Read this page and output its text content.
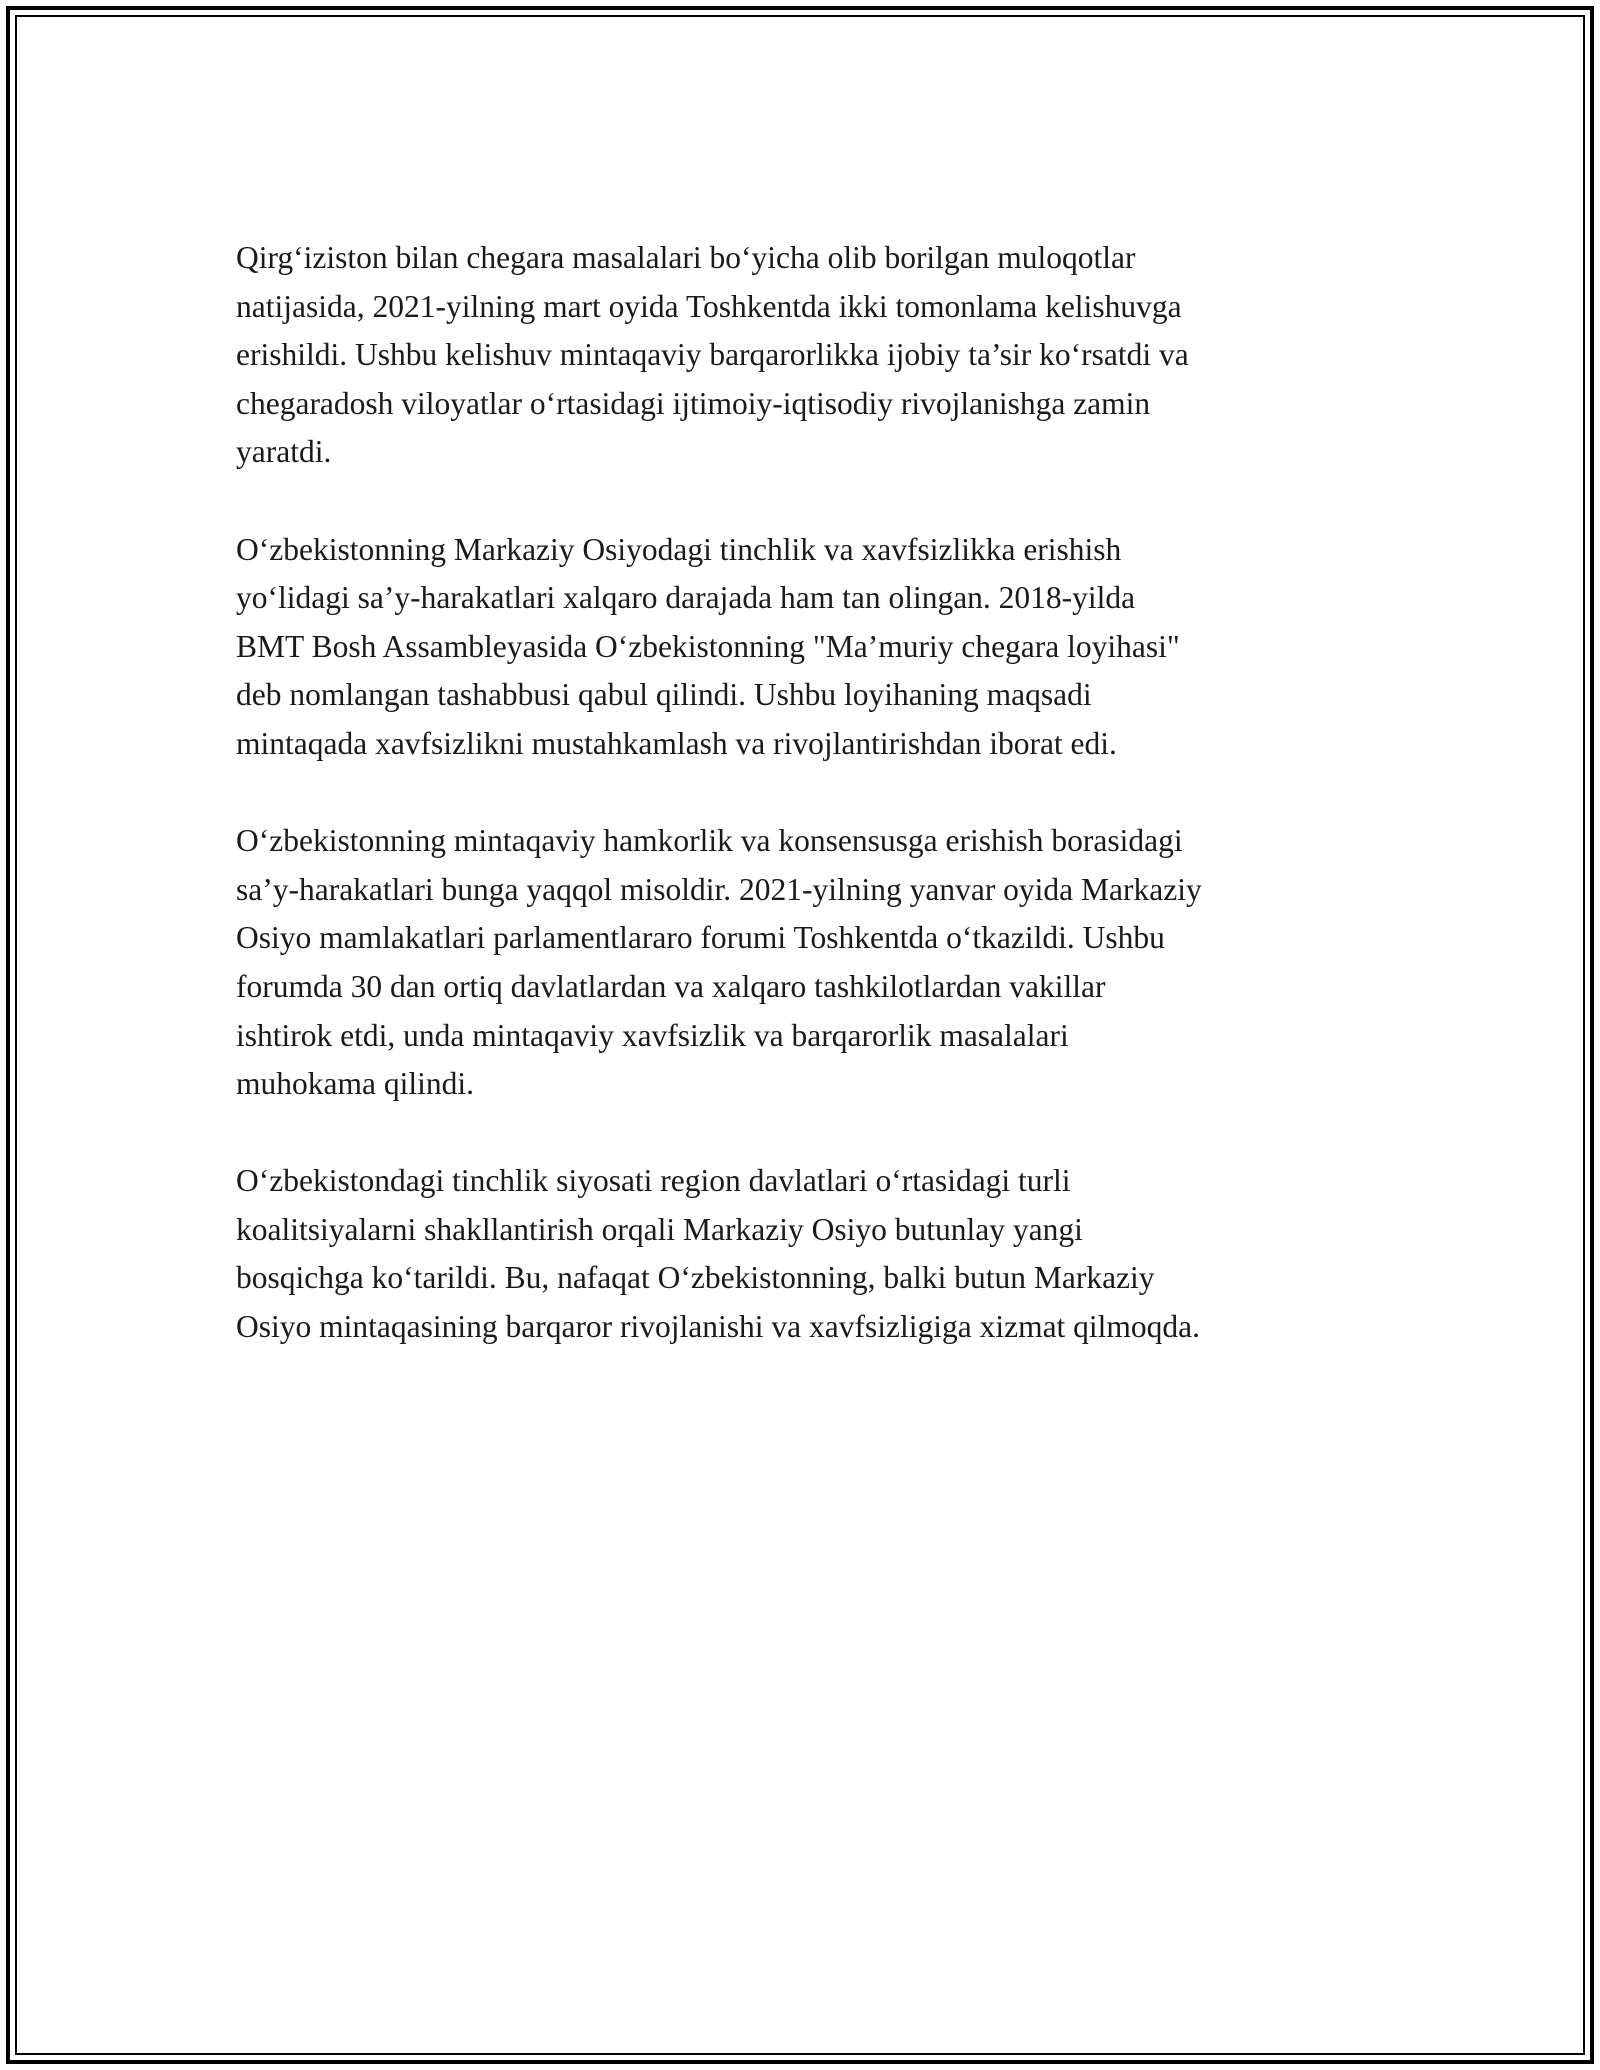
Qirg‘iziston bilan chegara masalalari bo‘yicha olib borilgan muloqotlar
natijasida, 2021-yilning mart oyida Toshkentda ikki tomonlama kelishuvga
erishildi. Ushbu kelishuv mintaqaviy barqarorlikka ijobiy ta’sir ko‘rsatdi va
chegaradosh viloyatlar o‘rtasidagi ijtimoiy-iqtisodiy rivojlanishga zamin
yaratdi.

O‘zbekistonning Markaziy Osiyodagi tinchlik va xavfsizlikka erishish
yo‘lidagi sa’y-harakatlari xalqaro darajada ham tan olingan. 2018-yilda
BMT Bosh Assambleyasida O‘zbekistonning "Ma’muriy chegara loyihasi"
deb nomlangan tashabbusi qabul qilindi. Ushbu loyihaning maqsadi
mintaqada xavfsizlikni mustahkamlash va rivojlantirishdan iborat edi.

O‘zbekistonning mintaqaviy hamkorlik va konsensusga erishish borasidagi
sa’y-harakatlari bunga yaqqol misoldir. 2021-yilning yanvar oyida Markaziy
Osiyo mamlakatlari parlamentlararo forumi Toshkentda o‘tkazildi. Ushbu
forumda 30 dan ortiq davlatlardan va xalqaro tashkilotlardan vakillar
ishtirok etdi, unda mintaqaviy xavfsizlik va barqarorlik masalalari
muhokama qilindi.

O‘zbekistondagi tinchlik siyosati region davlatlari o‘rtasidagi turli
koalitsiyalarni shakllantirish orqali Markaziy Osiyo butunlay yangi
bosqichga ko‘tarildi. Bu, nafaqat O‘zbekistonning, balki butun Markaziy
Osiyo mintaqasining barqaror rivojlanishi va xavfsizligiga xizmat qilmoqda.
